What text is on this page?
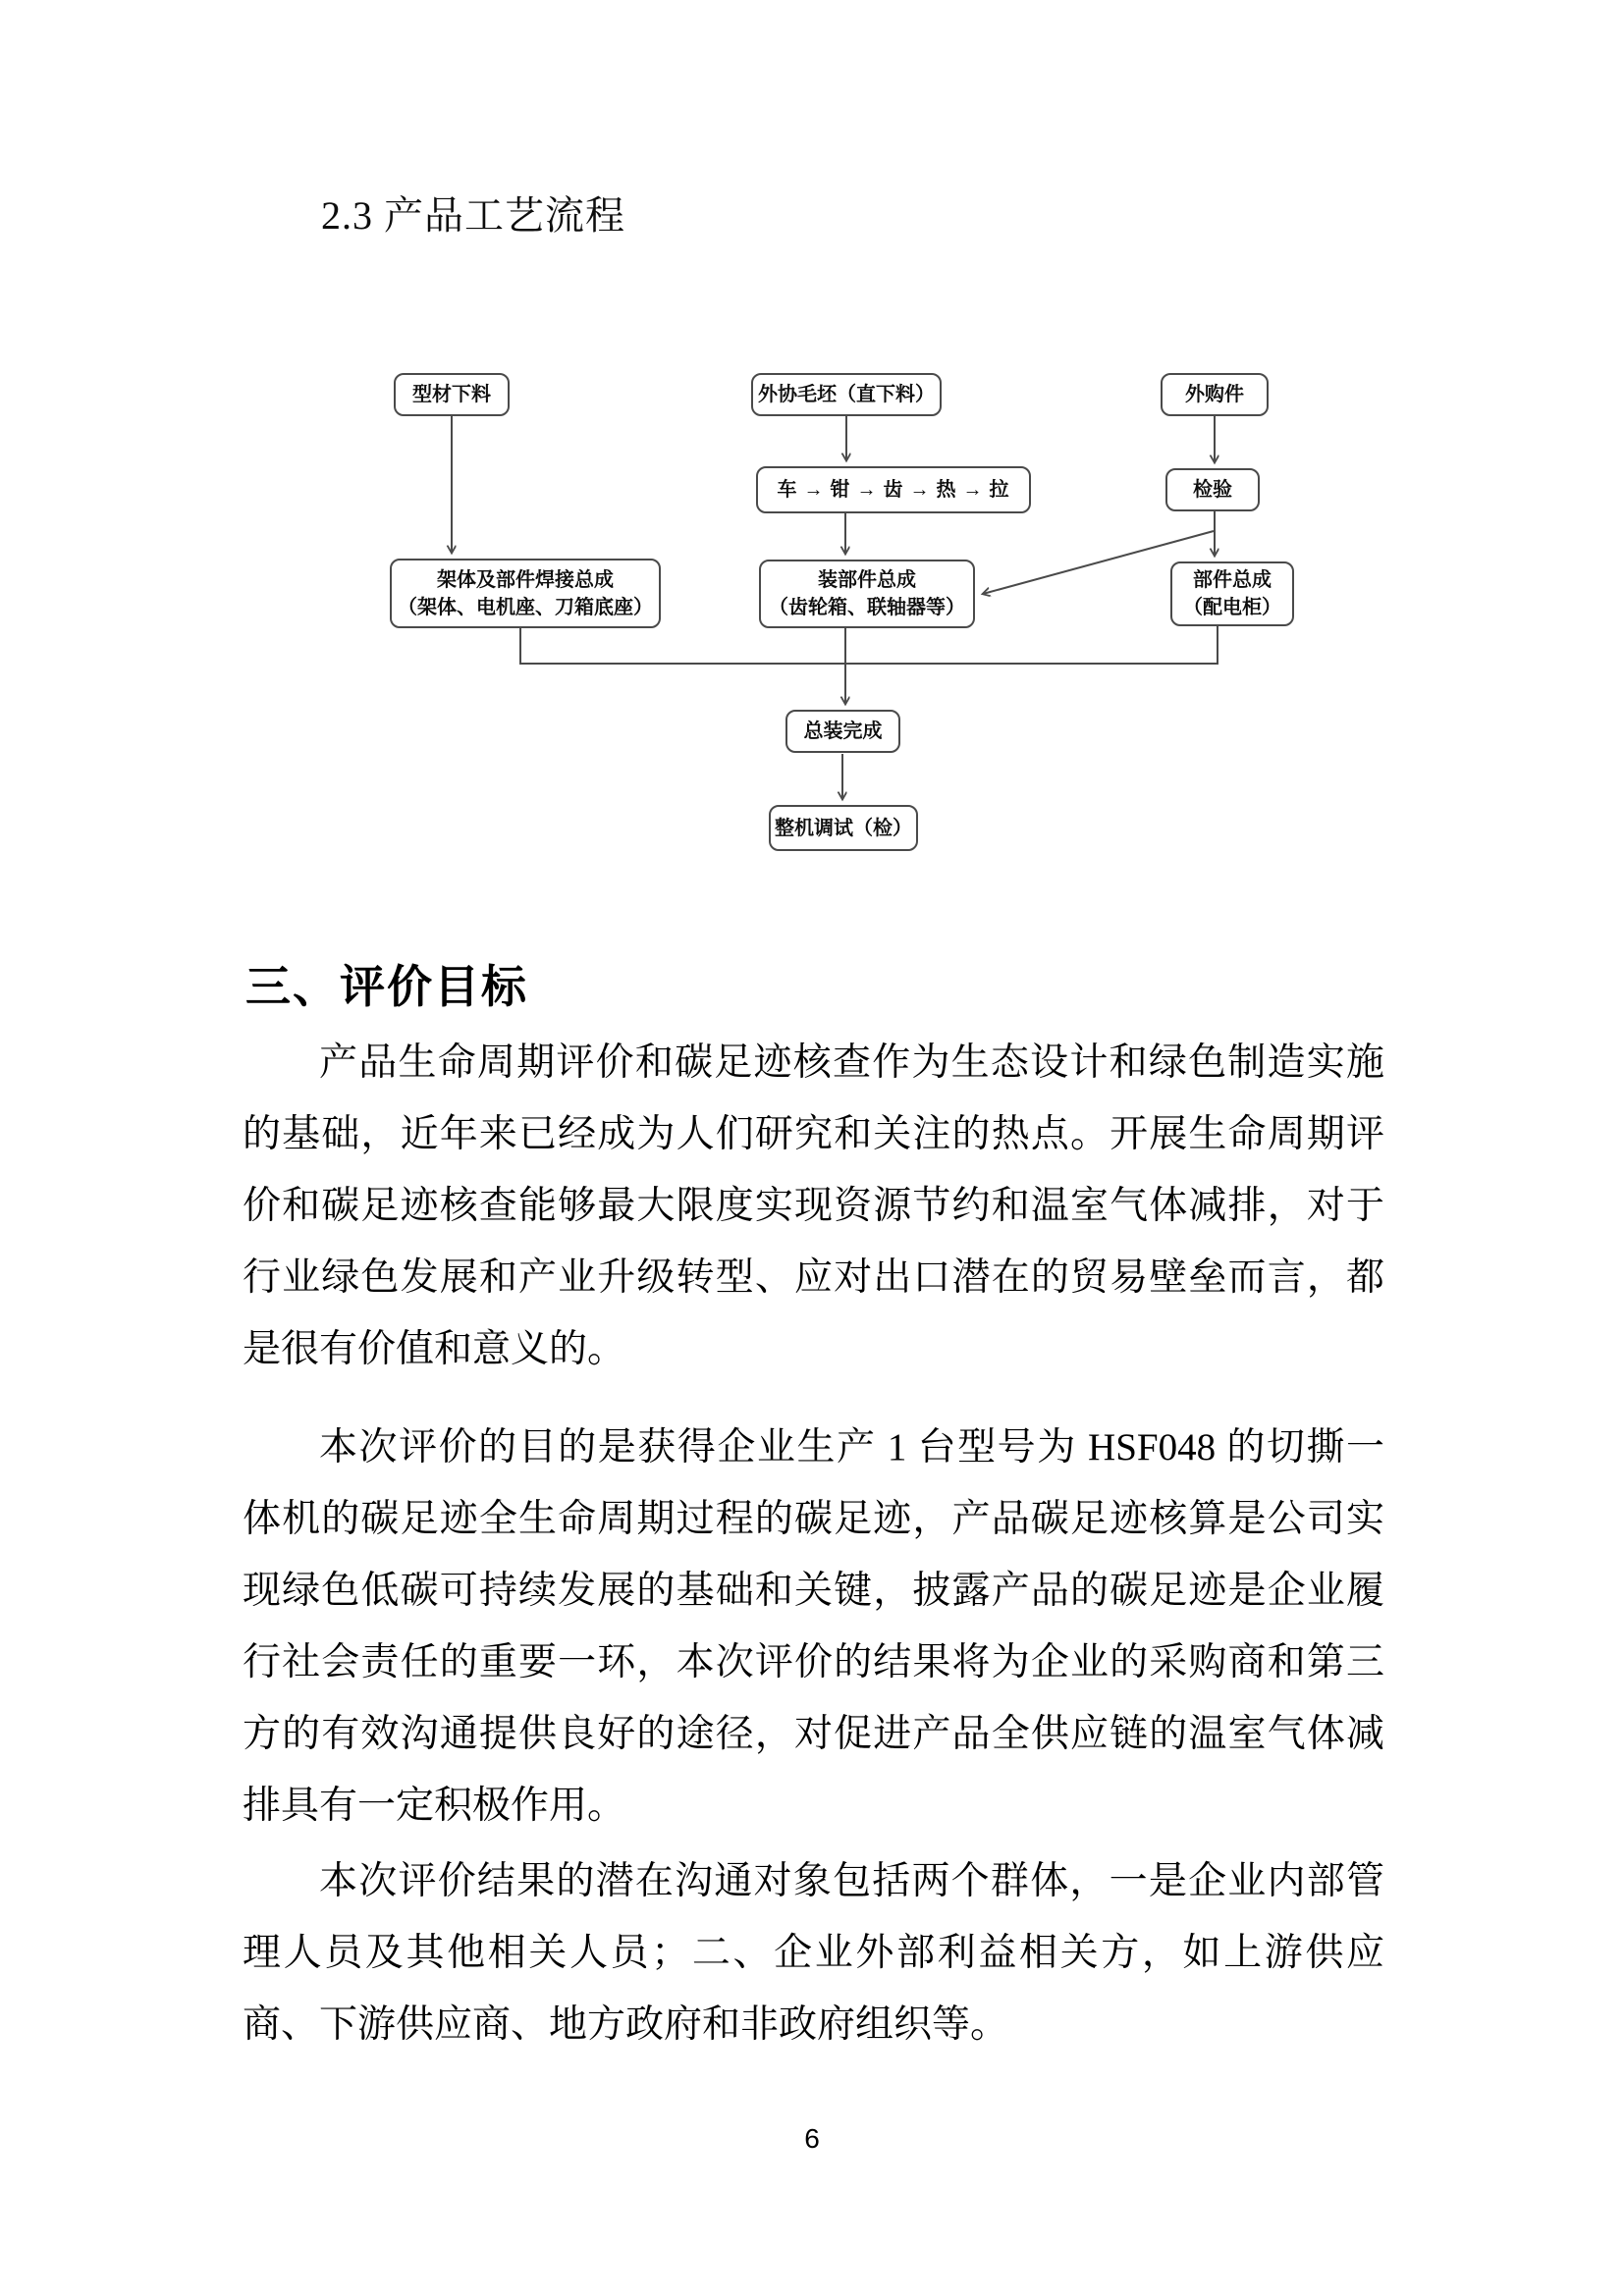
2.3 产品工艺流程
型材下料	外协毛坯（直下料）	外购件
车 → 钳 → 齿 → 热 → 拉	检验
架体及部件焊接总成
（架体、电机座、刀箱底座）
装部件总成
（齿轮箱、联轴器等）
部件总成
（配电柜）
总装完成
整机调试（检）
三、评价目标

产品生命周期评价和碳足迹核查作为生态设计和绿色制造实施的基础，近年来已经成为人们研究和关注的热点。开展生命周期评价和碳足迹核查能够最大限度实现资源节约和温室气体减排，对于行业绿色发展和产业升级转型、应对出口潜在的贸易壁垒而言，都是很有价值和意义的。

本次评价的目的是获得企业生产 1 台型号为 HSF048 的切撕一体机的碳足迹全生命周期过程的碳足迹，产品碳足迹核算是公司实现绿色低碳可持续发展的基础和关键，披露产品的碳足迹是企业履行社会责任的重要一环，本次评价的结果将为企业的采购商和第三方的有效沟通提供良好的途径，对促进产品全供应链的温室气体减排具有一定积极作用。

本次评价结果的潜在沟通对象包括两个群体，一是企业内部管理人员及其他相关人员；二、企业外部利益相关方，如上游供应商、下游供应商、地方政府和非政府组织等。

6
